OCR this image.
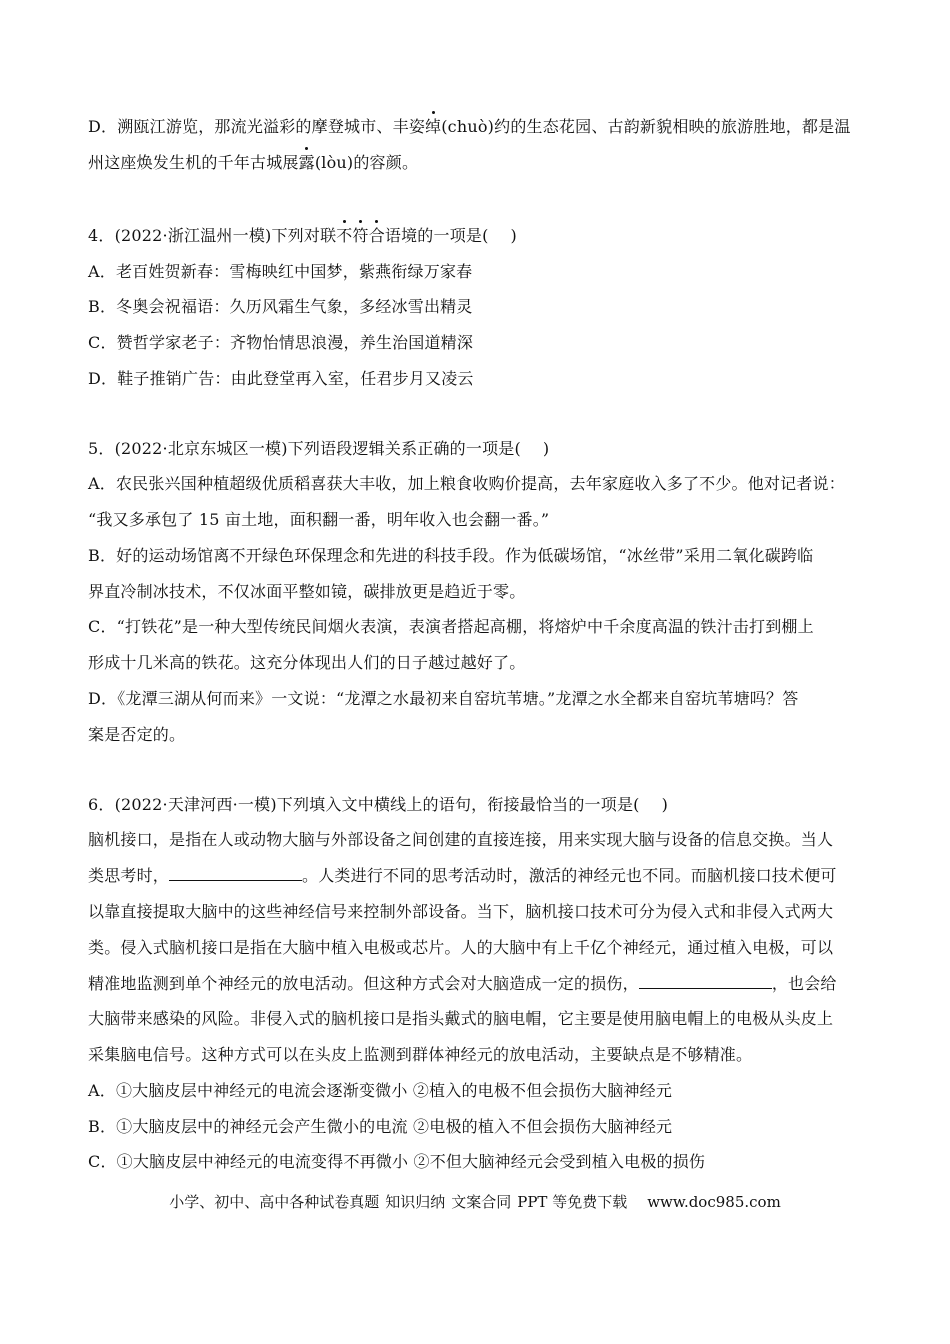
D．溯瓯江游览，那流光溢彩的摩登城市、丰姿绰(chuò)约的生态花园、古韵新貌相映的旅游胜地，都是温
州这座焕发生机的千年古城展露(lòu)的容颜。
4．(2022·浙江温州一模)下列对联不符合语境的一项是( )
A．老百姓贺新春：雪梅映红中国梦，紫燕衔绿万家春
B．冬奥会祝福语：久历风霜生气象，多经冰雪出精灵
C．赞哲学家老子：齐物怡情思浪漫，养生治国道精深
D．鞋子推销广告：由此登堂再入室，任君步月又凌云
5．(2022·北京东城区一模)下列语段逻辑关系正确的一项是( )
A．农民张兴国种植超级优质稻喜获大丰收，加上粮食收购价提高，去年家庭收入多了不少。他对记者说：
“我又多承包了 15 亩土地，面积翻一番，明年收入也会翻一番。”
B．好的运动场馆离不开绿色环保理念和先进的科技手段。作为低碳场馆，“冰丝带”采用二氧化碳跨临
界直冷制冰技术，不仅冰面平整如镜，碳排放更是趋近于零。
C．“打铁花”是一种大型传统民间烟火表演，表演者搭起高棚，将熔炉中千余度高温的铁汁击打到棚上
形成十几米高的铁花。这充分体现出人们的日子越过越好了。
D．《龙潭三湖从何而来》一文说：“龙潭之水最初来自窑坑苇塘。”龙潭之水全都来自窑坑苇塘吗？答
案是否定的。
6．(2022·天津河西·一模)下列填入文中横线上的语句，衔接最恰当的一项是( )
脑机接口，是指在人或动物大脑与外部设备之间创建的直接连接，用来实现大脑与设备的信息交换。当人
类思考时，	。人类进行不同的思考活动时，激活的神经元也不同。而脑机接口技术便可
以靠直接提取大脑中的这些神经信号来控制外部设备。当下，脑机接口技术可分为侵入式和非侵入式两大
类。侵入式脑机接口是指在大脑中植入电极或芯片。人的大脑中有上千亿个神经元，通过植入电极，可以
精准地监测到单个神经元的放电活动。但这种方式会对大脑造成一定的损伤，	，也会给
大脑带来感染的风险。非侵入式的脑机接口是指头戴式的脑电帽，它主要是使用脑电帽上的电极从头皮上
采集脑电信号。这种方式可以在头皮上监测到群体神经元的放电活动，主要缺点是不够精准。
A．①大脑皮层中神经元的电流会逐渐变微小 ②植入的电极不但会损伤大脑神经元
B．①大脑皮层中的神经元会产生微小的电流 ②电极的植入不但会损伤大脑神经元
C．①大脑皮层中神经元的电流变得不再微小 ②不但大脑神经元会受到植入电极的损伤
小学、初中、高中各种试卷真题 知识归纳 文案合同 PPT 等免费下载 www.doc985.com
